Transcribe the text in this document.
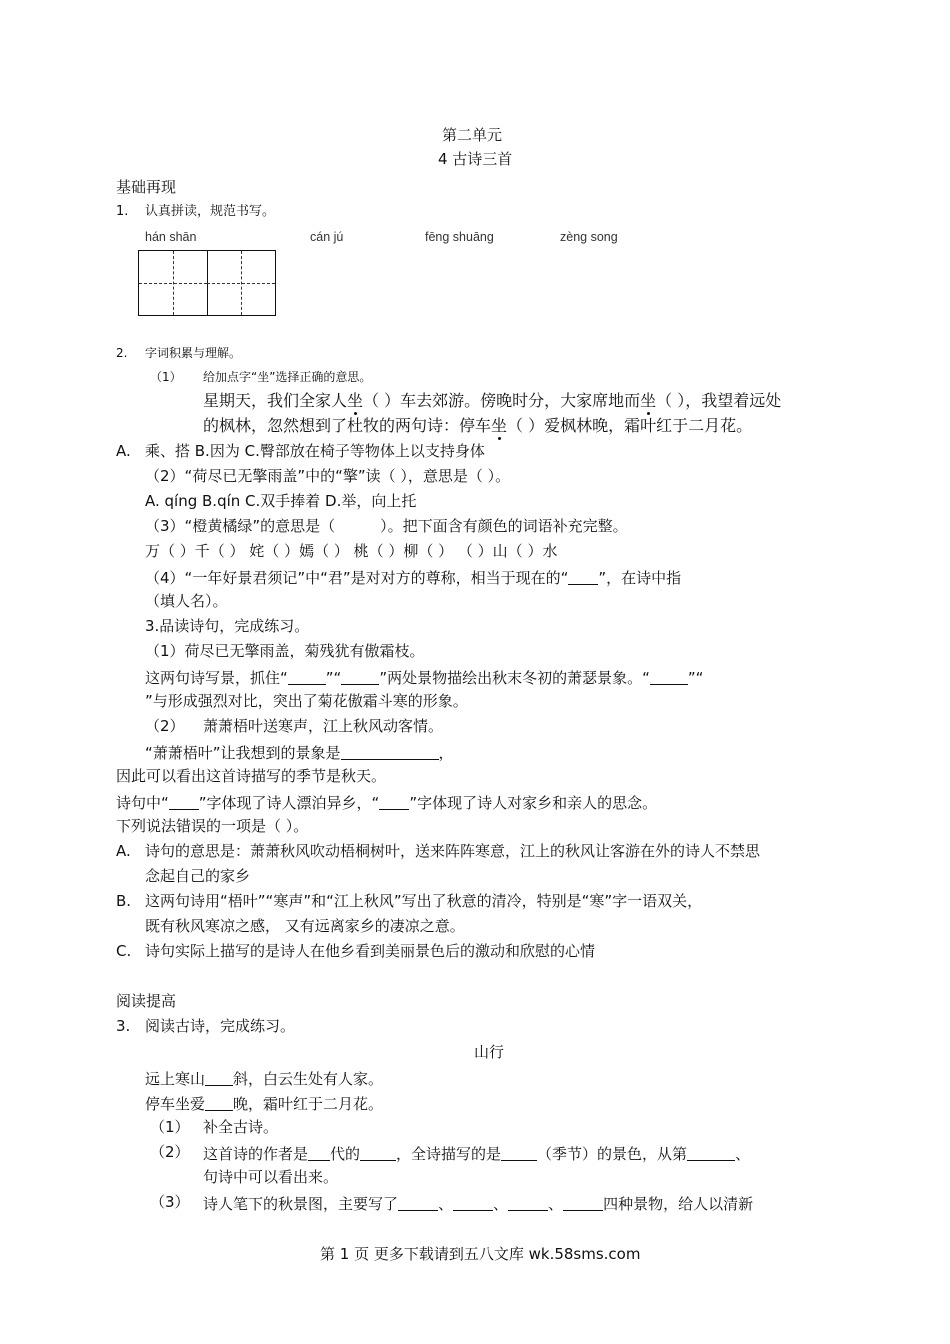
第二单元
4 古诗三首
基础再现
1. 认真拼读，规范书写。
hán shān	cán jú	fēng shuāng	zèng song
2. 字词积累与理解。
（1） 给加点字“坐”选择正确的意思。
星期天，我们全家人坐（ ）车去郊游。傍晚时分，大家席地而坐（ ），我望着远处
的枫林，忽然想到了杜牧的两句诗：停车坐（ ）爱枫林晚，霜叶红于二月花。
A. 乘、搭 B.因为 C.臀部放在椅子等物体上以支持身体
（2）“荷尽已无擎雨盖”中的“擎”读（ ），意思是（ ）。
A. qíng B.qín C.双手捧着 D.举，向上托
（3）“橙黄橘绿”的意思是（　　　）。把下面含有颜色的词语补充完整。
万（ ）千（ ） 姹（ ）嫣（ ） 桃（ ）柳（ ） （ ）山（ ）水
（4）“一年好景君须记”中“君”是对对方的尊称，相当于现在的“ ”，在诗中指
（填人名）。
3.品读诗句，完成练习。
（1）荷尽已无擎雨盖，菊残犹有傲霜枝。
这两句诗写景，抓住“	”“	”两处景物描绘出秋末冬初的萧瑟景象。“	”“
”与形成强烈对比，突出了菊花傲霜斗寒的形象。
（2） 萧萧梧叶送寒声，江上秋风动客情。
“萧萧梧叶”让我想到的景象是	，
因此可以看出这首诗描写的季节是秋天。
诗句中“ ”字体现了诗人漂泊异乡，“ ”字体现了诗人对家乡和亲人的思念。
下列说法错误的一项是（ ）。
A. 诗句的意思是：萧萧秋风吹动梧桐树叶，送来阵阵寒意，江上的秋风让客游在外的诗人不禁思
念起自己的家乡
B. 这两句诗用“梧叶”“寒声”和“江上秋风”写出了秋意的清冷，特别是“寒”字一语双关，
既有秋风寒凉之感， 又有远离家乡的凄凉之意。
C. 诗句实际上描写的是诗人在他乡看到美丽景色后的激动和欣慰的心情
阅读提高
3. 阅读古诗，完成练习。
山行
远上寒山 斜，白云生处有人家。
停车坐爱 晚，霜叶红于二月花。
（1） 补全古诗。
（2） 这首诗的作者是 代的 ，全诗描写的是 （季节）的景色，从第	、
句诗中可以看出来。
（3） 诗人笔下的秋景图，主要写了	、	、	、	四种景物，给人以清新
第 1 页 更多下载请到五八文库 wk.58sms.com
